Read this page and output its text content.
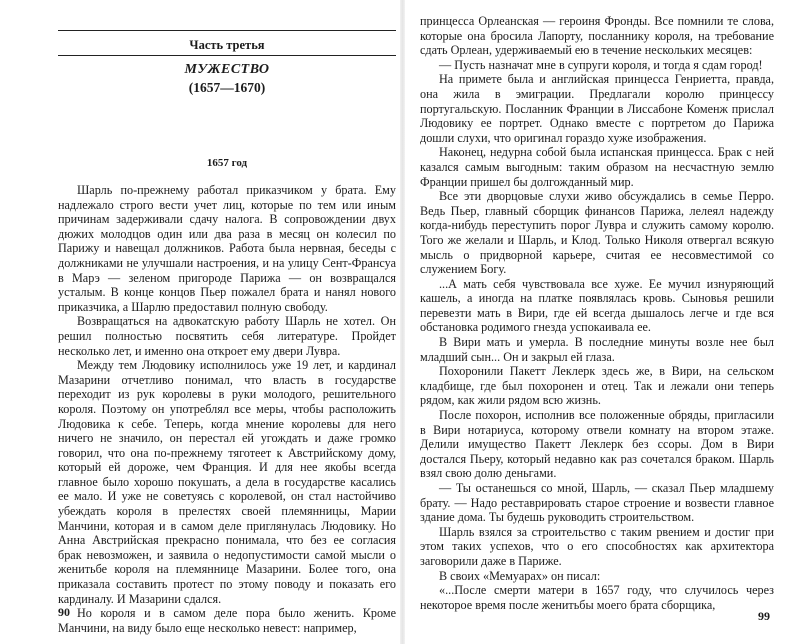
Часть третья
МУЖЕСТВО
(1657—1670)
1657 год

Шарль по-прежнему работал приказчиком у брата. Ему надлежало строго вести учет лиц, которые по тем или иным причинам задерживали сдачу налога. В сопровождении двух дюжих молодцов один или два раза в месяц он колесил по Парижу и навещал должников. Работа была нервная, беседы с должниками не улучшали настроения, и на улицу Сент-Франсуа в Марэ — зеленом пригороде Парижа — он возвращался усталым. В конце концов Пьер пожалел брата и нанял нового приказчика, а Шарлю предоставил полную свободу.

Возвращаться на адвокатскую работу Шарль не хотел. Он решил полностью посвятить себя литературе. Пройдет несколько лет, и именно она откроет ему двери Лувра.

Между тем Людовику исполнилось уже 19 лет, и кардинал Мазарини отчетливо понимал, что власть в государстве переходит из рук королевы в руки молодого, решительного короля. Поэтому он употреблял все меры, чтобы расположить Людовика к себе. Теперь, когда мнение королевы для него ничего не значило, он перестал ей угождать и даже громко говорил, что она по-прежнему тяготеет к Австрийскому дому, который ей дороже, чем Франция. И для нее якобы всегда главное было хорошо покушать, а дела в государстве касались ее мало. И уже не советуясь с королевой, он стал настойчиво убеждать короля в прелестях своей племянницы, Марии Манчини, которая и в самом деле приглянулась Людовику. Но Анна Австрийская прекрасно понимала, что без ее согласия брак невозможен, и заявила о недопустимости самой мысли о женитьбе короля на племяннице Мазарини. Более того, она приказала составить протест по этому поводу и показать его кардиналу. И Мазарини сдался.

Но короля и в самом деле пора было женить. Кроме Манчини, на виду было еще несколько невест: например,

90

принцесса Орлеанская — героиня Фронды. Все помнили те слова, которые она бросила Лапорту, посланнику короля, на требование сдать Орлеан, удерживаемый ею в течение нескольких месяцев:

— Пусть назначат мне в супруги короля, и тогда я сдам город!

На примете была и английская принцесса Генриетта, правда, она жила в эмиграции. Предлагали королю принцессу португальскую. Посланник Франции в Лиссабоне Коменж прислал Людовику ее портрет. Однако вместе с портретом до Парижа дошли слухи, что оригинал гораздо хуже изображения.

Наконец, недурна собой была испанская принцесса. Брак с ней казался самым выгодным: таким образом на несчастную землю Франции пришел бы долгожданный мир.

Все эти дворцовые слухи живо обсуждались в семье Перро. Ведь Пьер, главный сборщик финансов Парижа, лелеял надежду когда-нибудь переступить порог Лувра и служить самому королю. Того же желали и Шарль, и Клод. Только Николя отвергал всякую мысль о придворной карьере, считая ее несовместимой со служением Богу.

...А мать себя чувствовала все хуже. Ее мучил изнуряющий кашель, а иногда на платке появлялась кровь. Сыновья решили перевезти мать в Вири, где ей всегда дышалось легче и где вся обстановка родимого гнезда успокаивала ее.

В Вири мать и умерла. В последние минуты возле нее был младший сын... Он и закрыл ей глаза.

Похоронили Пакетт Леклерк здесь же, в Вири, на сельском кладбище, где был похоронен и отец. Так и лежали они теперь рядом, как жили рядом всю жизнь.

После похорон, исполнив все положенные обряды, пригласили в Вири нотариуса, которому отвели комнату на втором этаже. Делили имущество Пакетт Леклерк без ссоры. Дом в Вири достался Пьеру, который недавно как раз сочетался браком. Шарль взял свою долю деньгами.

— Ты останешься со мной, Шарль, — сказал Пьер младшему брату. — Надо реставрировать старое строение и возвести главное здание дома. Ты будешь руководить строительством.

Шарль взялся за строительство с таким рвением и достиг при этом таких успехов, что о его способностях как архитектора заговорили даже в Париже.

В своих «Мемуарах» он писал:

«...После смерти матери в 1657 году, что случилось через некоторое время после женитьбы моего брата сборщика,

99
